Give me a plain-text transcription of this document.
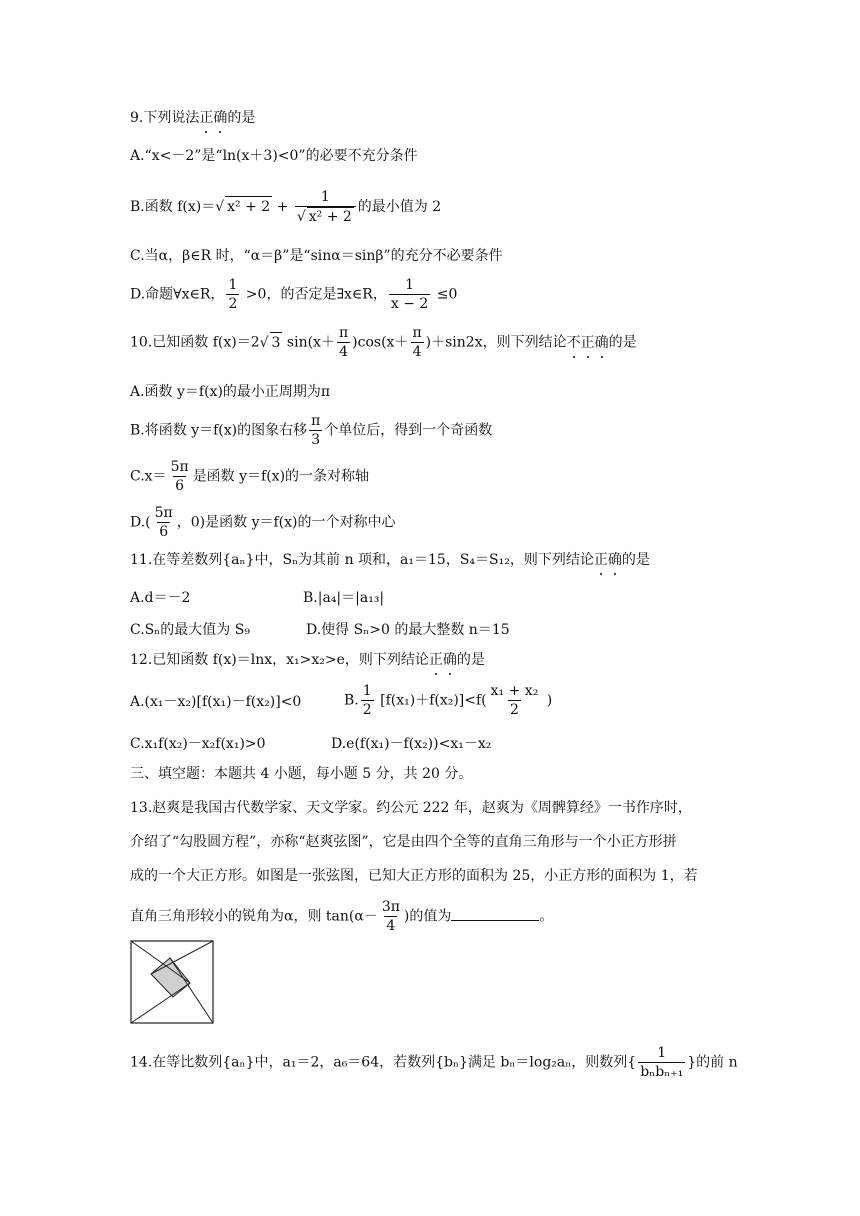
9.下列说法正确的是
A.“x<－2”是“ln(x＋3)<0”的必要不充分条件
B.函数 f(x)＝√ $x^2 + 2 + \frac{1}{\text{√ x² + 2}}$ 的最小值为 2
C.当α，β∈R 时，“α＝β”是“sinα＝sinβ”的充分不必要条件
D.命题∀x∈R， $\frac{1}{2} >0$，的否定是∃x∈R， $\frac{1}{x - 2} \le 0$
10.已知函数 f(x)＝2√ 3 $\sin(x+ \frac{\pi}{4} )\cos(x+ \frac{\pi}{4} )+\sin 2x$，则下列结论不正确的是
A.函数 y＝f(x)的最小正周期为π
B.将函数 y＝f(x)的图象右移 $\frac{\pi}{3}$ 个单位后，得到一个奇函数
$C.x= \frac{5\pi}{6}$ 是函数 y＝f(x)的一条对称轴
$D.( \frac{5\pi}{6}$ ，0)是函数 y＝f(x)的一个对称中心
11.在等差数列{aₙ}中，Sₙ为其前 n 项和，a₁＝15，S₄＝S₁₂，则下列结论正确的是
A.d＝－2	B.|a₄|＝|a₁₃|
C.Sₙ的最大值为 S₉	D.使得 Sₙ>0 的最大整数 n＝15
12.已知函数 f(x)＝lnx，x₁>x₂>e，则下列结论正确的是
A.(x₁－x₂)[f(x₁)－f(x₂)]<0	B. $\frac{1}{2} [f(x_1)+f(x_2)]<f( \frac{\text{x₁ + x₂}}{2}$ )
C.x₁f(x₂)－x₂f(x₁)>0	D.e(f(x₁)－f(x₂))<x₁－x₂
三、填空题：本题共 4 小题，每小题 5 分，共 20 分。
13.赵爽是我国古代数学家、天文学家。约公元 222 年，赵爽为《周髀算经》一书作序时，
介绍了“勾股圆方程”，亦称“赵爽弦图”，它是由四个全等的直角三角形与一个小正方形拼
成的一个大正方形。如图是一张弦图，已知大正方形的面积为 25，小正方形的面积为 1，若
直角三角形较小的锐角为α，则 $\tan(\alpha- \frac{3\pi}{4}$ )的值为	。
14.在等比数列{aₙ}中，a₁＝2，a₆＝64，若数列{bₙ}满足 bₙ＝log₂aₙ，则数列{ $\frac{1}{\text{bₙbₙ₊₁}}$ }的前 n
